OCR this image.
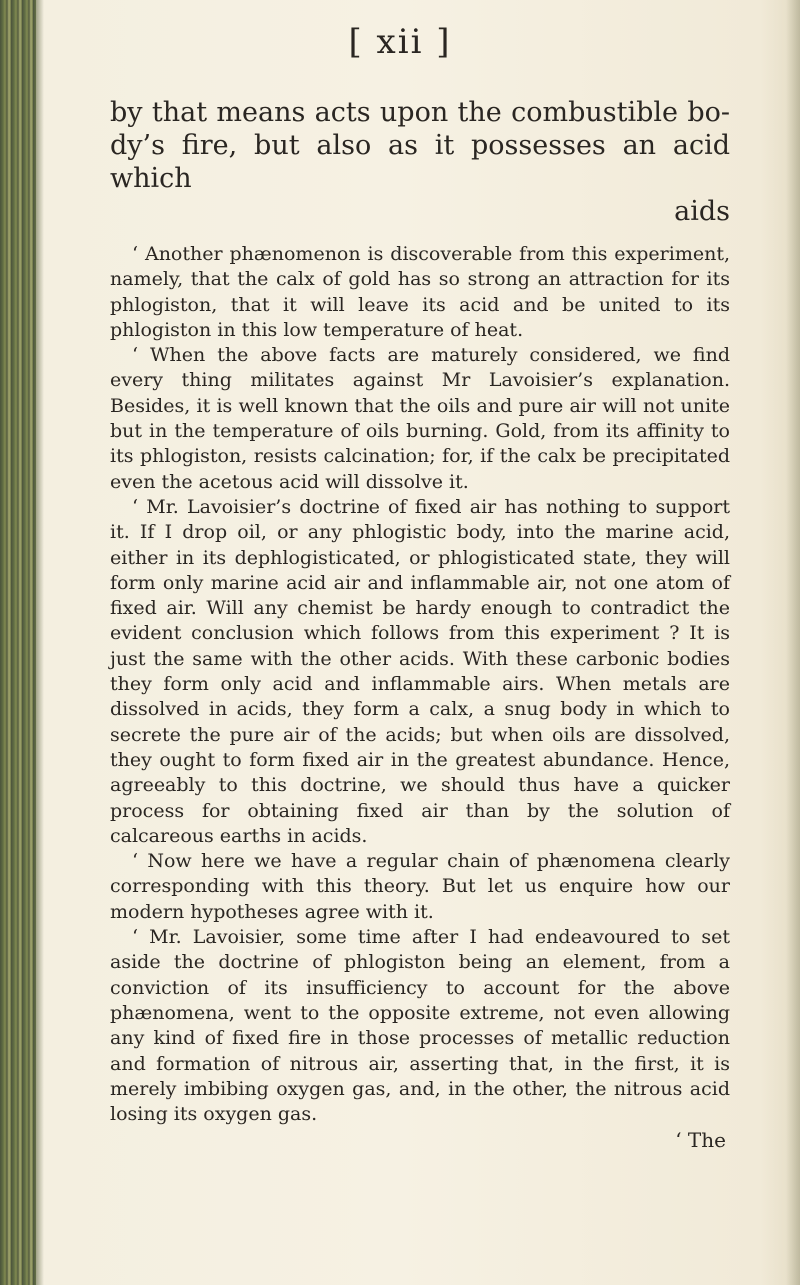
[ xii ]

by that means acts upon the combustible bo-

dy’s fire, but also as it possesses an acid which

aids

‘ Another phænomenon is discoverable from this experiment, namely, that the calx of gold has so strong an attraction for its phlogiston, that it will leave its acid and be united to its phlogiston in this low temperature of heat.

‘ When the above facts are maturely considered, we find every thing militates against Mr Lavoisier’s explanation. Besides, it is well known that the oils and pure air will not unite but in the temperature of oils burning. Gold, from its affinity to its phlogiston, resists calcination; for, if the calx be precipitated even the acetous acid will dissolve it.

‘ Mr. Lavoisier’s doctrine of fixed air has nothing to support it. If I drop oil, or any phlogistic body, into the marine acid, either in its dephlogisticated, or phlogisticated state, they will form only marine acid air and inflammable air, not one atom of fixed air. Will any chemist be hardy enough to contradict the evident conclusion which follows from this experiment ? It is just the same with the other acids. With these carbonic bodies they form only acid and inflammable airs. When metals are dissolved in acids, they form a calx, a snug body in which to secrete the pure air of the acids; but when oils are dissolved, they ought to form fixed air in the greatest abundance. Hence, agreeably to this doctrine, we should thus have a quicker process for obtaining fixed air than by the solution of calcareous earths in acids.

‘ Now here we have a regular chain of phænomena clearly corresponding with this theory. But let us enquire how our modern hypotheses agree with it.

‘ Mr. Lavoisier, some time after I had endeavoured to set aside the doctrine of phlogiston being an element, from a conviction of its insufficiency to account for the above phænomena, went to the opposite extreme, not even allowing any kind of fixed fire in those processes of metallic reduction and formation of nitrous air, asserting that, in the first, it is merely imbibing oxygen gas, and, in the other, the nitrous acid losing its oxygen gas.

‘ The
